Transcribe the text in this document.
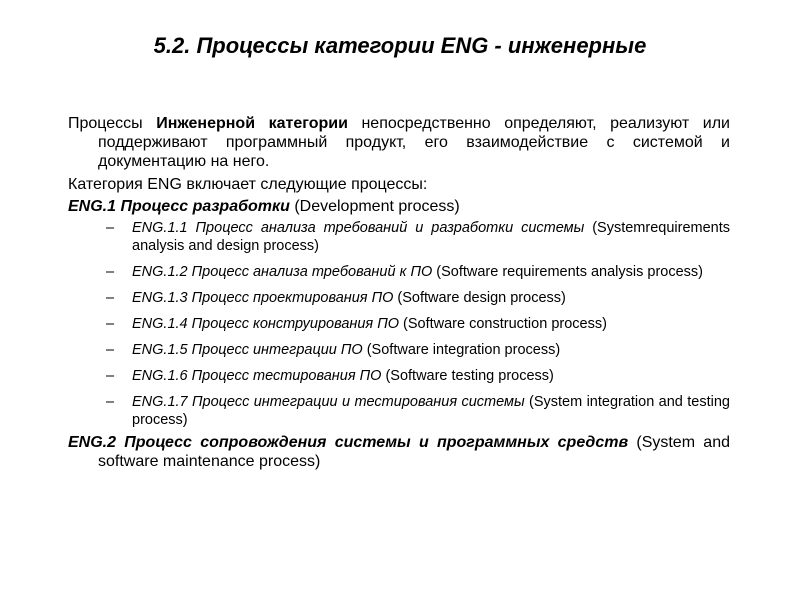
5.2. Процессы категории ENG - инженерные

Процессы Инженерной категории непосредственно определяют, реализуют или поддерживают программный продукт, его взаимодействие с системой и документацию на него.

Категория ENG включает следующие процессы:

ENG.1 Процесс разработки (Development process)

– ENG.1.1 Процесс анализа требований и разработки системы (Systemrequirements analysis and design process)
– ENG.1.2 Процесс анализа требований к ПО (Software requirements analysis process)
– ENG.1.3 Процесс проектирования ПО (Software design process)
– ENG.1.4 Процесс конструирования ПО (Software construction process)
– ENG.1.5 Процесс интеграции ПО (Software integration process)
– ENG.1.6 Процесс тестирования ПО (Software testing process)
– ENG.1.7 Процесс интеграции и тестирования системы (System integration and testing process)

ENG.2 Процесс сопровождения системы и программных средств (System and software maintenance process)
